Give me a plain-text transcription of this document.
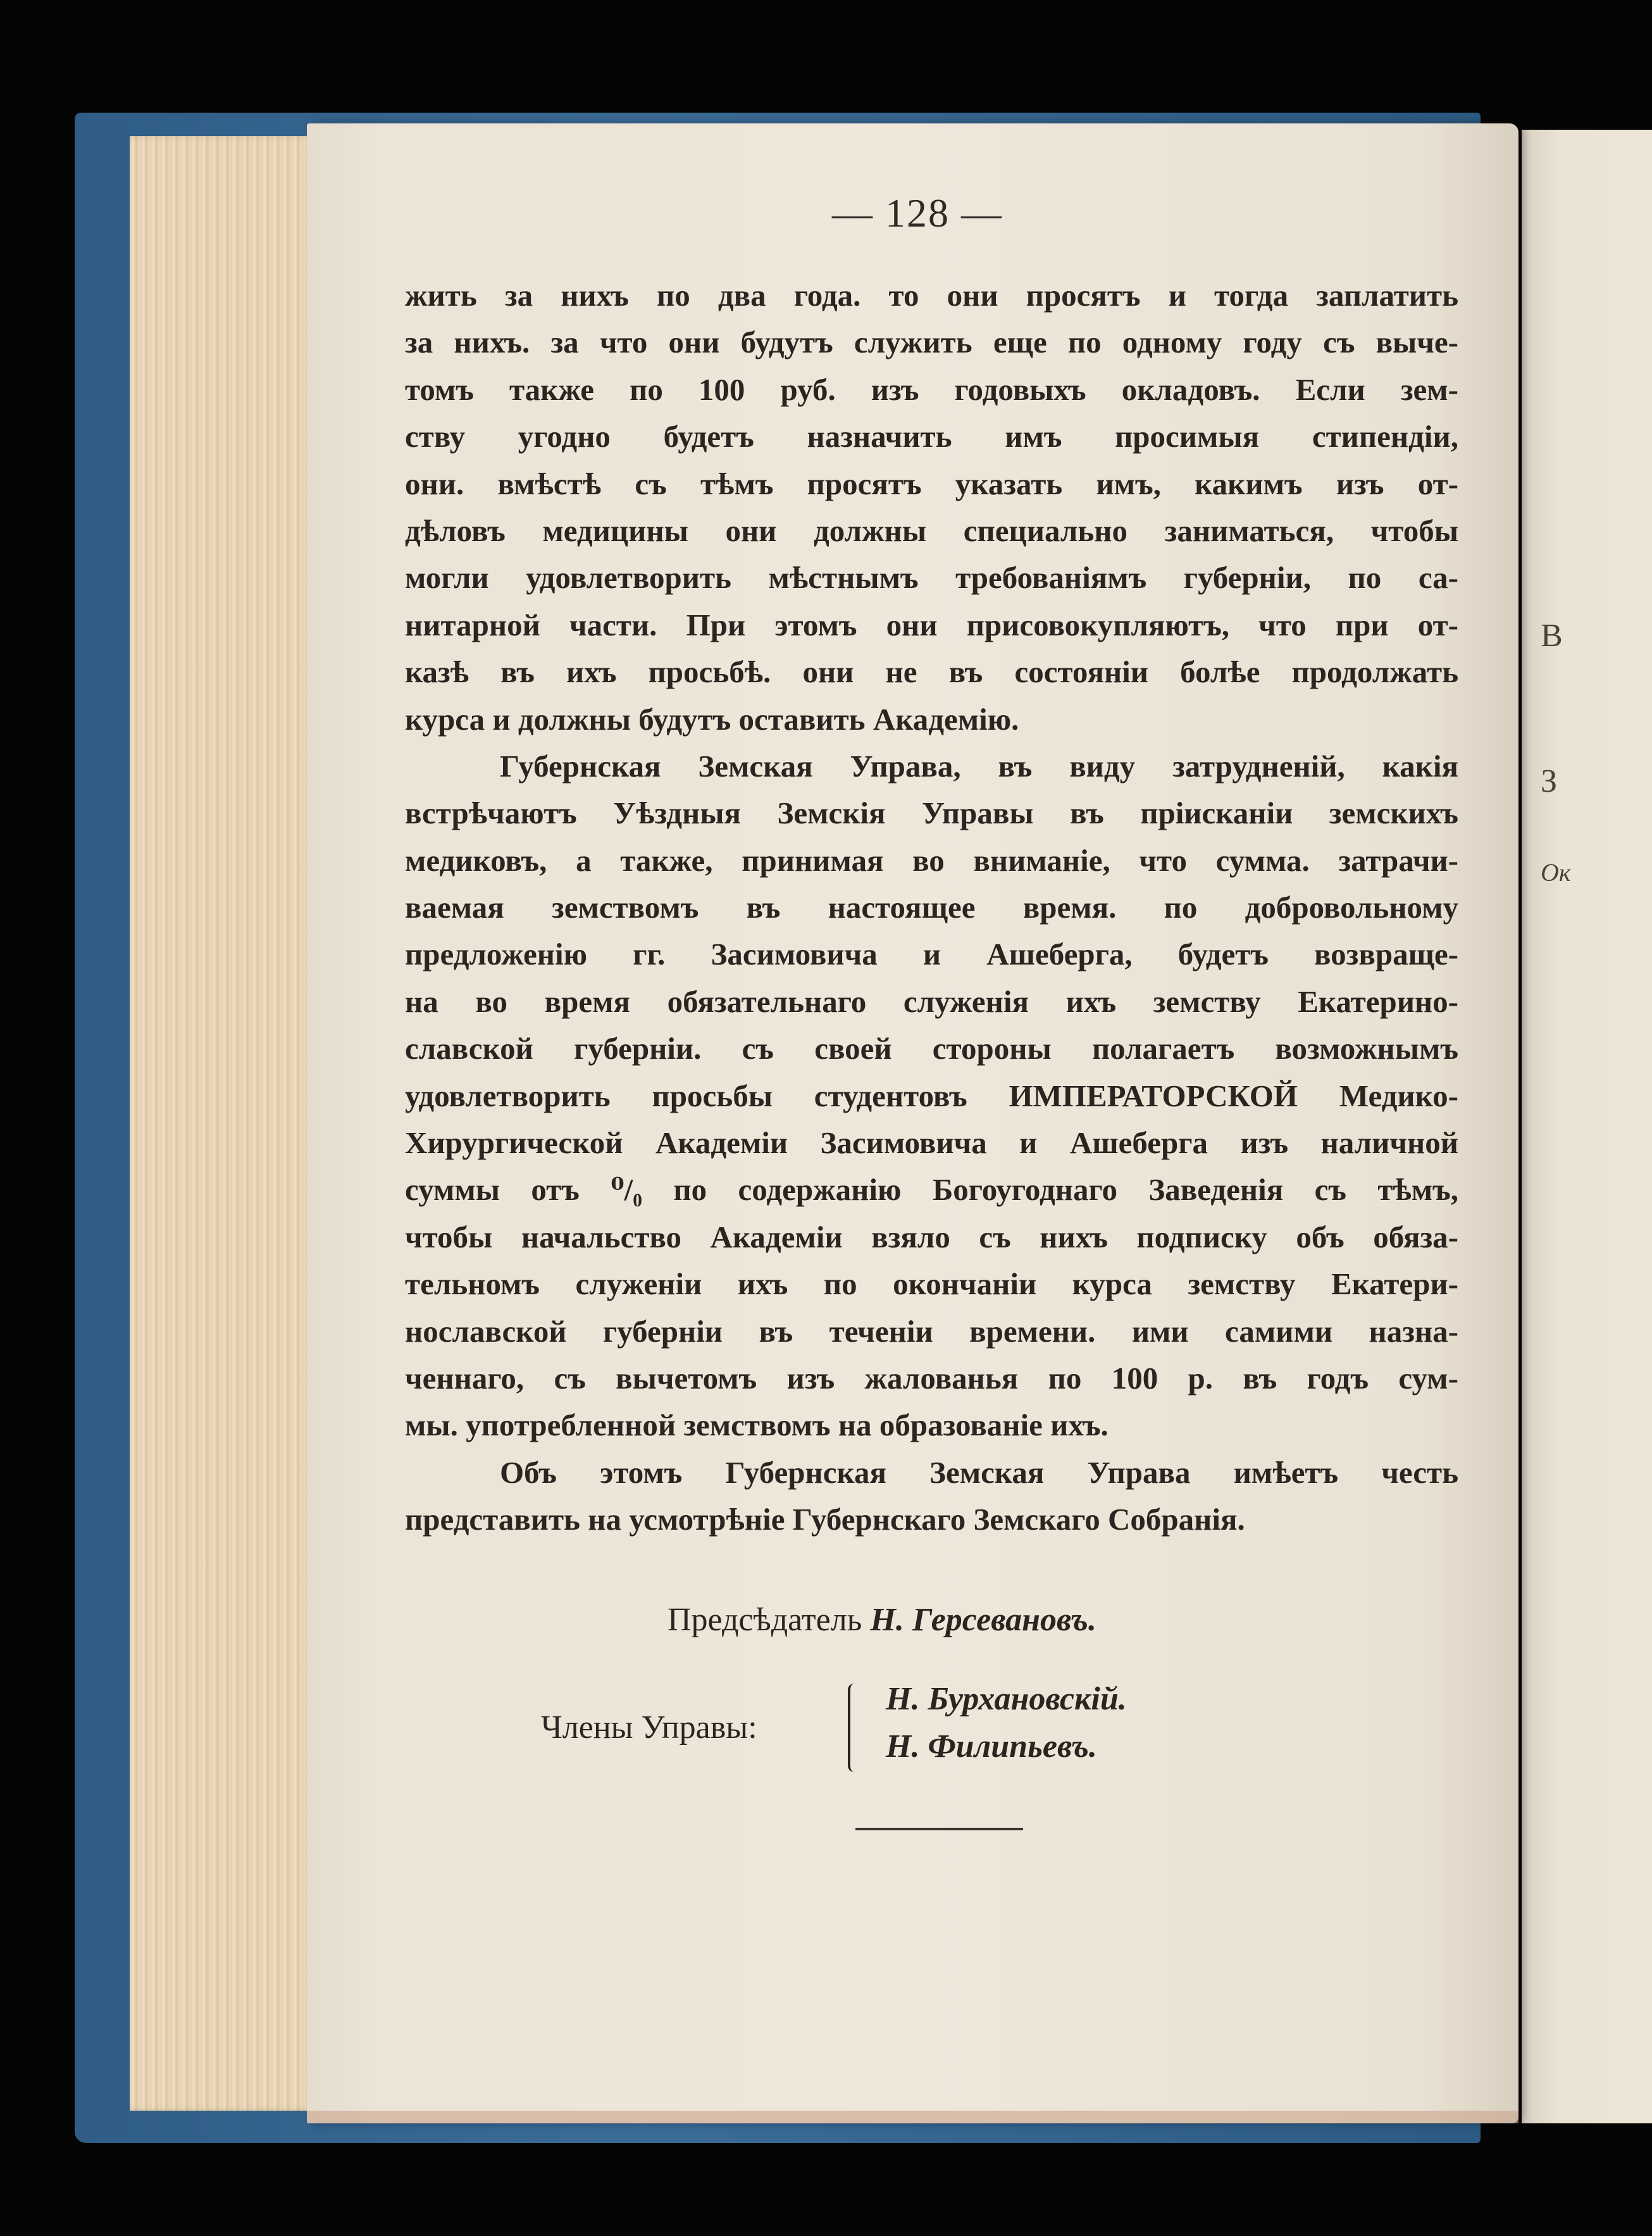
В
З
Ок
— 128 —
жить за нихъ по два года. то они просятъ и тогда заплатить
за нихъ. за что они будутъ служить еще по одному году съ выче-
томъ также по 100 руб. изъ годовыхъ окладовъ. Если зем-
ству угодно будетъ назначить имъ просимыя стипендіи,
они. вмѣстѣ съ тѣмъ просятъ указать имъ, какимъ изъ от-
дѣловъ медицины они должны специально заниматься, чтобы
могли удовлетворить мѣстнымъ требованіямъ губерніи, по са-
нитарной части. При этомъ они присовокупляютъ, что при от-
казѣ въ ихъ просьбѣ. они не въ состояніи болѣе продолжать
курса и должны будутъ оставить Академію.
Губернская Земская Управа, въ виду затрудненій, какія
встрѣчаютъ Уѣздныя Земскія Управы въ пріисканіи земскихъ
медиковъ, а также, принимая во вниманіе, что сумма. затрачи-
ваемая земствомъ въ настоящее время. по добровольному
предложенію гг. Засимовича и Ашеберга, будетъ возвраще-
на во время обязательнаго служенія ихъ земству Екатерино-
славской губерніи. съ своей стороны полагаетъ возможнымъ
удовлетворить просьбы студентовъ ИМПЕРАТОРСКОЙ Медико-
Хирургической Академіи Засимовича и Ашеберга изъ наличной
суммы отъ ⁰/₀ по содержанію Богоугоднаго Заведенія съ тѣмъ,
чтобы начальство Академіи взяло съ нихъ подписку объ обяза-
тельномъ служеніи ихъ по окончаніи курса земству Екатери-
нославской губерніи въ теченіи времени. ими самими назна-
ченнаго, съ вычетомъ изъ жалованья по 100 р. въ годъ сум-
мы. употребленной земствомъ на образованіе ихъ.
Объ этомъ Губернская Земская Управа имѣетъ честь
представить на усмотрѣніе Губернскаго Земскаго Собранія.
Предсѣдатель Н. Герсевановъ.
Члены Управы:
Н. Бурхановскій.
Н. Филипьевъ.
